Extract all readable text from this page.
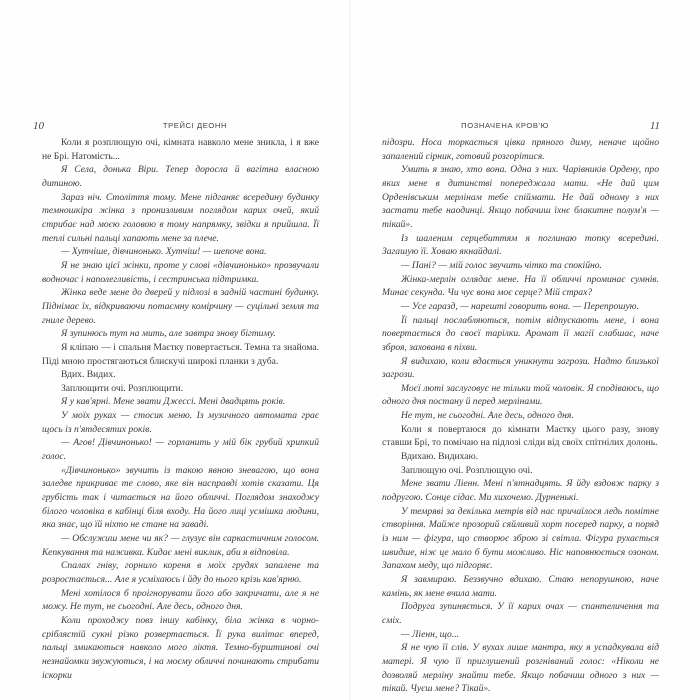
10	ТРЕЙСІ ДЕОНН

Коли я розплющую очі, кімната навколо мене зникла, і я вже не Брі. Натомість...

Я Села, донька Віри. Тепер доросла й вагітна власною дитиною.

Зараз ніч. Століття тому. Мене підганяє всередину будинку темношкіра жінка з пронизливим поглядом карих очей, який стрибає над моєю головою в тому напрямку, звідки я прийшла. Її теплі сильні пальці хапають мене за плече.

— Хутчіше, дівчинонько. Хутчіш! — шепоче вона.

Я не знаю цієї жінки, проте у слові «дівчинонько» прозвучали водночас і наполегливість, і сестринська підтримка.

Жінка веде мене до дверей у підлозі в задній частині будинку. Піднімає їх, відкриваючи потаємну комірчину — суцільні земля та гниле дерево.

Я зупинюсь тут на мить, але завтра знову бігтиму.

Я кліпаю — і спальня Маєтку повертається. Темна та знайома. Піді мною простягаються блискучі широкі планки з дуба.

Вдих. Видих.

Заплющити очі. Розплющити.

Я у кав'ярні. Мене звати Джессі. Мені двадцять років.

У моїх руках — стосик меню. Із музичного автомата грає щось із п'ятдесятих років.

— Агов! Дівчинонько! — горланить у мій бік грубий хрипкий голос.

«Дівчинонько» звучить із такою явною зневагою, що вона заледве прикриває те слово, яке він насправді хотів сказати. Ця грубість так і читається на його обличчі. Поглядом знаходжу білого чоловіка в кабінці біля входу. На його лиці усмішка людини, яка знає, що їй ніхто не стане на заваді.

— Обслужиш мене чи як? — глузує він саркастичним голосом. Кепкування та наживка. Кидає мені виклик, аби я відповіла.

Спалах гніву, горнило кореня в моїх грудях запалене та розростається... Але я усміхаюсь і йду до нього крізь кав'ярню.

Мені хотілося б проігнорувати його або закричати, але я не можу. Не тут, не сьогодні. Але десь, одного дня.

Коли проходжу повз іншу кабінку, біла жінка в чорно-сріблястій сукні різко розвертається. Її рука вилітає вперед, пальці змикаються навколо мого ліктя. Темно-бурштинові очі незнайомки звужуються, і на моєму обличчі починають стрибати іскорки

ПОЗНАЧЕНА КРОВ'Ю	11

підозри. Носа торкається цівка пряного диму, неначе щойно запалений сірник, готовий розгорітися.

Умить я знаю, хто вона. Одна з них. Чарівників Ордену, про яких мене в дитинстві попереджала мати. «Не дай цим Орденівським мерлінам тебе спіймати. Не дай одному з них застати тебе наодинці. Якщо побачиш їхнє блакитне полум'я — тікай».

Із шаленим серцебиттям я поглинаю топку всередині. Загашую її. Ховаю якнайдалі.

— Пані? — мій голос звучить чітко та спокійно.

Жінка-мерлін оглядає мене. На її обличчі проминає сумнів. Минає секунда. Чи чує вона моє серце? Мій страх?

— Усе гаразд, — нарешті говорить вона. — Перепрошую.

Її пальці послабляються, потім відпускають мене, і вона повертається до своєї тарілки. Аромат її магії слабшає, наче зброя, захована в піхви.

Я видихаю, коли вдається уникнути загрози. Надто близької загрози.

Моєї люті заслуговує не тільки той чоловік. Я сподіваюсь, що одного дня постану й перед мерлінами.

Не тут, не сьогодні. Але десь, одного дня.

Коли я повертаюся до кімнати Маєтку цього разу, знову ставши Брі, то помічаю на підлозі сліди від своїх спітнілих долонь.

Вдихаю. Видихаю.

Заплющую очі. Розплющую очі.

Мене звати Ліенн. Мені п'ятнадцять. Я йду вздовж парку з подругою. Сонце сідає. Ми хихочемо. Дурненькі.

У темряві за декілька метрів від нас причаїлося ледь помітне створіння. Майже прозорий сяйливий хорт посеред парку, а поряд із ним — фігура, що створює зброю зі світла. Фігура рухається швидше, ніж це мало б бути можливо. Ніс наповнюється озоном. Запахом меду, що підгоряє.

Я завмираю. Беззвучно вдихаю. Стаю непорушною, наче камінь, як мене вчила мати.

Подруга зупиняється. У її карих очах — спантеличення та сміх.

— Ліенн, що...

Я не чую її слів. У вухах лише мантра, яку я успадкувала від матері. Я чую її приглушений розгніваний голос: «Ніколи не дозволяй мерліну знайти тебе. Якщо побачиш одного з них — тікай. Чуєш мене? Тікай».
